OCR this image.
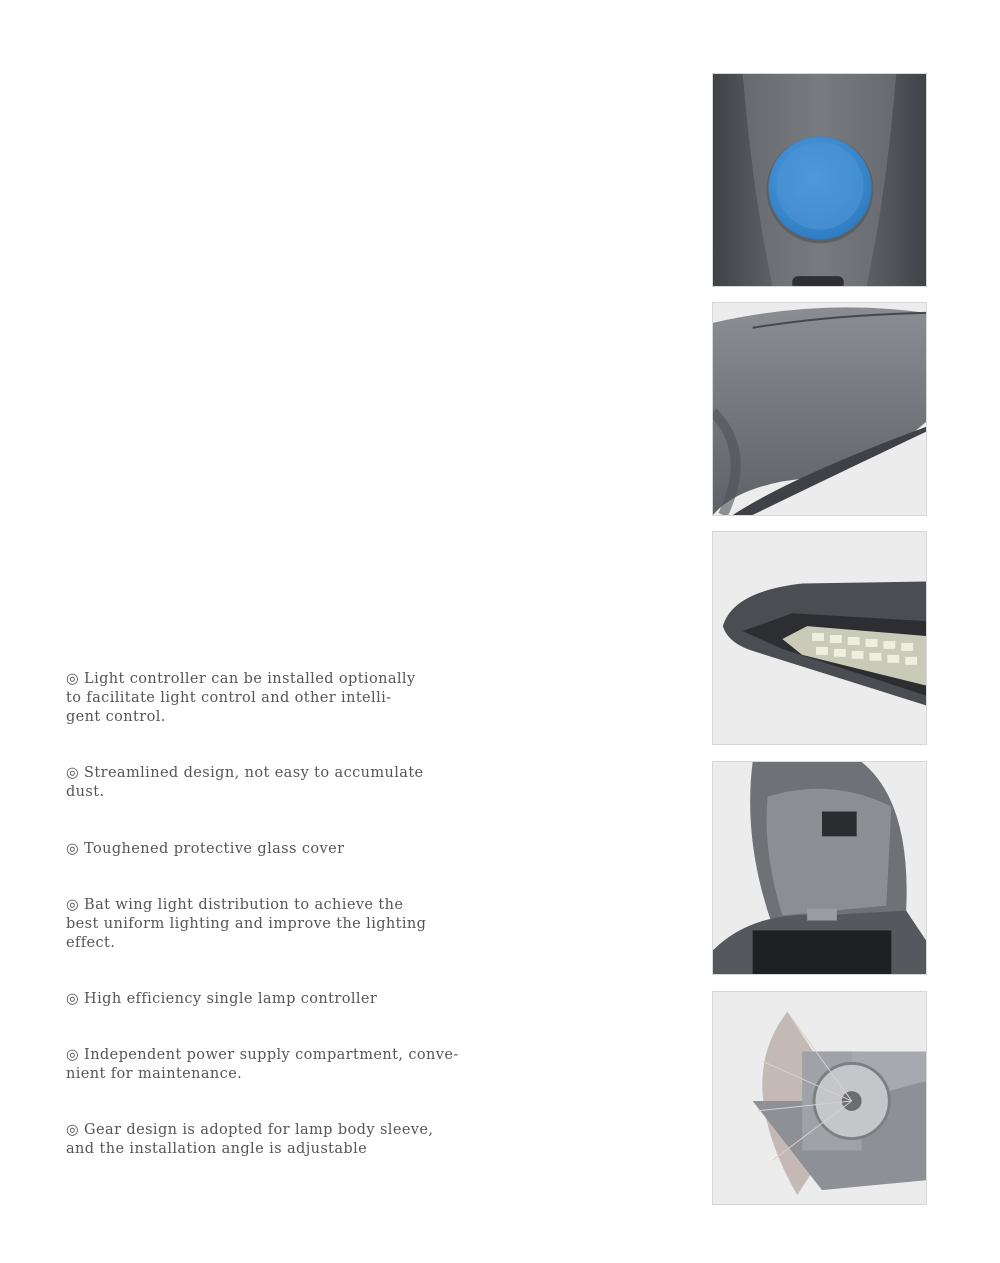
◎ Light controller can be installed optionally
to facilitate light control and other intelli-
gent control.

◎ Streamlined design, not easy to accumulate
dust.

◎ Toughened protective glass cover

◎ Bat wing light distribution to achieve the
best uniform lighting and improve the lighting
effect.

◎ High efficiency single lamp controller

◎ Independent power supply compartment, conve-
nient for maintenance.

◎ Gear design is adopted for lamp body sleeve,
and the installation angle is adjustable
